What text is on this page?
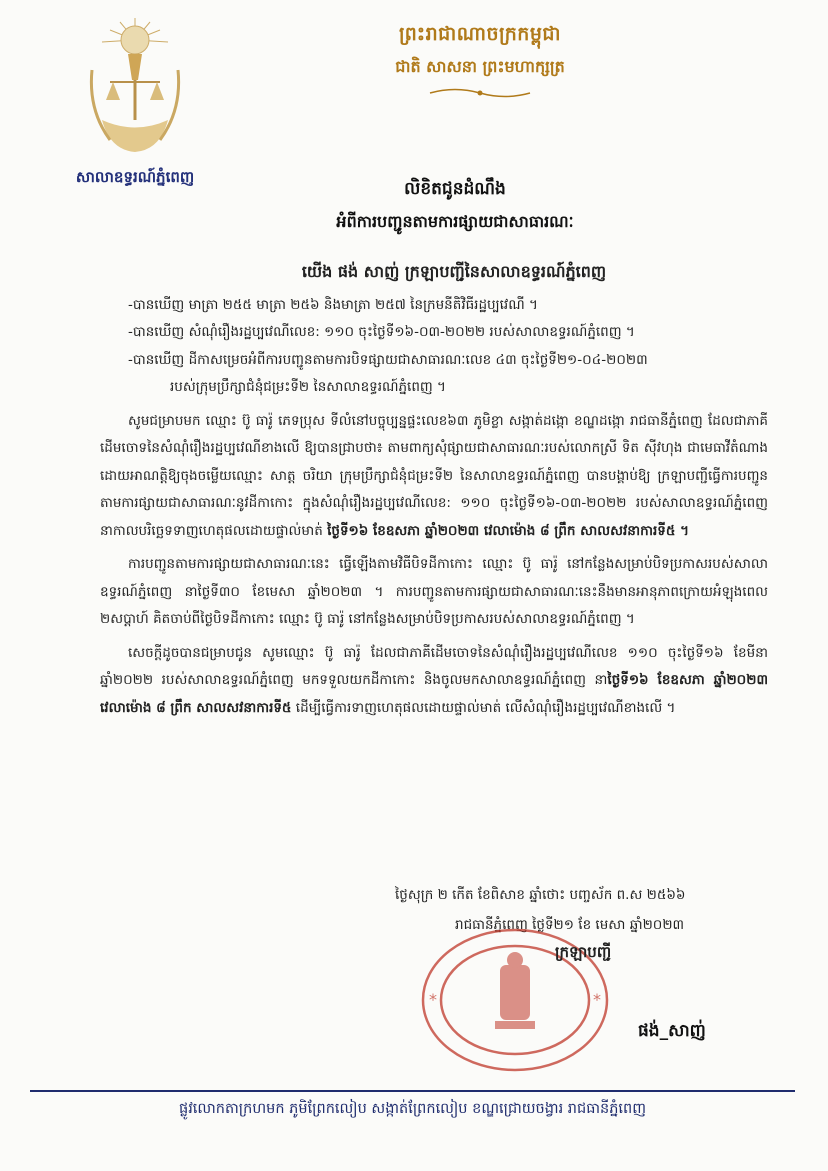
ព្រះរាជាណាចក្រកម្ពុជា

ជាតិ សាសនា ព្រះមហាក្សត្រ

សាលាឧទ្ធរណ៍ភ្នំពេញ

លិខិតជូនដំណឹង

អំពីការបញ្ជូនតាមការផ្សាយជាសាធារណៈ

យើង ផង់ សាញ់ ក្រឡាបញ្ជីនៃសាលាឧទ្ធរណ៍ភ្នំពេញ

-បានឃើញ មាត្រា ២៥៥ មាត្រា ២៥៦ និងមាត្រា ២៥៧ នៃក្រមនីតិវិធីរដ្ឋប្បវេណី ។

-បានឃើញ សំណុំរឿងរដ្ឋប្បវេណីលេខ: ១១០ ចុះថ្ងៃទី១៦-០៣-២០២២ របស់សាលាឧទ្ធរណ៍ភ្នំពេញ ។

-បានឃើញ ដីកាសម្រេចអំពីការបញ្ជូនតាមការបិទផ្សាយជាសាធារណៈលេខ ៤៣ ចុះថ្ងៃទី២១-០៤-២០២៣

របស់ក្រុមប្រឹក្សាជំនុំជម្រះទី២ នៃសាលាឧទ្ធរណ៍ភ្នំពេញ ។

សូមជម្រាបមក ឈ្មោះ ប៊ូ ធារ៉ូ ភេទប្រុស ទីលំនៅបច្ចុប្បន្នផ្ទះលេខ៦៣ ភូមិខ្លា សង្កាត់ដង្កោ ខណ្ឌដង្កោ រាជធានីភ្នំពេញ ដែលជាភាគីដើមចោទនៃសំណុំរឿងរដ្ឋប្បវេណីខាងលើ ឱ្យបានជ្រាបថា៖ តាមពាក្យសុំផ្សាយជាសាធារណៈរបស់លោកស្រី ទិត ស៊ីវហុង ជាមេធាវីតំណាងដោយអាណត្តិឱ្យចុងចម្លើយឈ្មោះ សាត្ត ចរិយា ក្រុមប្រឹក្សាជំនុំជម្រះទី២ នៃសាលាឧទ្ធរណ៍ភ្នំពេញ បានបង្គាប់ឱ្យ ក្រឡាបញ្ជីធ្វើការបញ្ជូនតាមការផ្សាយជាសាធារណៈនូវដីកាកោះ ក្នុងសំណុំរឿងរដ្ឋប្បវេណីលេខ: ១១០ ចុះថ្ងៃទី១៦-០៣-២០២២ របស់សាលាឧទ្ធរណ៍ភ្នំពេញ នាកាលបរិច្ឆេទទាញហេតុផលដោយផ្ទាល់មាត់ ថ្ងៃទី១៦ ខែឧសភា ឆ្នាំ២០២៣ វេលាម៉ោង ៨ ព្រឹក សាលសវនាការទី៥ ។

ការបញ្ជូនតាមការផ្សាយជាសាធារណៈនេះ ធ្វើឡើងតាមវិធីបិទដីកាកោះ ឈ្មោះ ប៊ូ ធារ៉ូ នៅកន្លែងសម្រាប់បិទប្រកាសរបស់សាលាឧទ្ធរណ៍ភ្នំពេញ នាថ្ងៃទី៣០ ខែមេសា ឆ្នាំ២០២៣ ។ ការបញ្ជូនតាមការផ្សាយជាសាធារណៈនេះនឹងមានអានុភាពក្រោយអំឡុងពេល ២សប្តាហ៍ គិតចាប់ពីថ្ងៃបិទដីកាកោះ ឈ្មោះ ប៊ូ ធារ៉ូ នៅកន្លែងសម្រាប់បិទប្រកាសរបស់សាលាឧទ្ធរណ៍ភ្នំពេញ ។

សេចក្តីដូចបានជម្រាបជូន សូមឈ្មោះ ប៊ូ ធារ៉ូ ដែលជាភាគីដើមចោទនៃសំណុំរឿងរដ្ឋប្បវេណីលេខ ១១០ ចុះថ្ងៃទី១៦ ខែមីនា ឆ្នាំ២០២២ របស់សាលាឧទ្ធរណ៍ភ្នំពេញ មកទទួលយកដីកាកោះ និងចូលមកសាលាឧទ្ធរណ៍ភ្នំពេញ នាថ្ងៃទី១៦ ខែឧសភា ឆ្នាំ២០២៣ វេលាម៉ោង ៨ ព្រឹក សាលសវនាការទី៥ ដើម្បីធ្វើការទាញហេតុផលដោយផ្ទាល់មាត់ លើសំណុំរឿងរដ្ឋប្បវេណីខាងលើ ។

ថ្ងៃសុក្រ ២ កើត ខែពិសាខ ឆ្នាំថោះ បញ្ចស័ក ព.ស ២៥៦៦
រាជធានីភ្នំពេញ ថ្ងៃទី២១ ខែ មេសា ឆ្នាំ២០២៣
*	*
ក្រឡាបញ្ជី
ផង់_សាញ់
ផ្លូវលោកតាក្រហមក ភូមិព្រែកលៀប សង្កាត់ព្រែកលៀប ខណ្ឌជ្រោយចង្វារ រាជធានីភ្នំពេញ
